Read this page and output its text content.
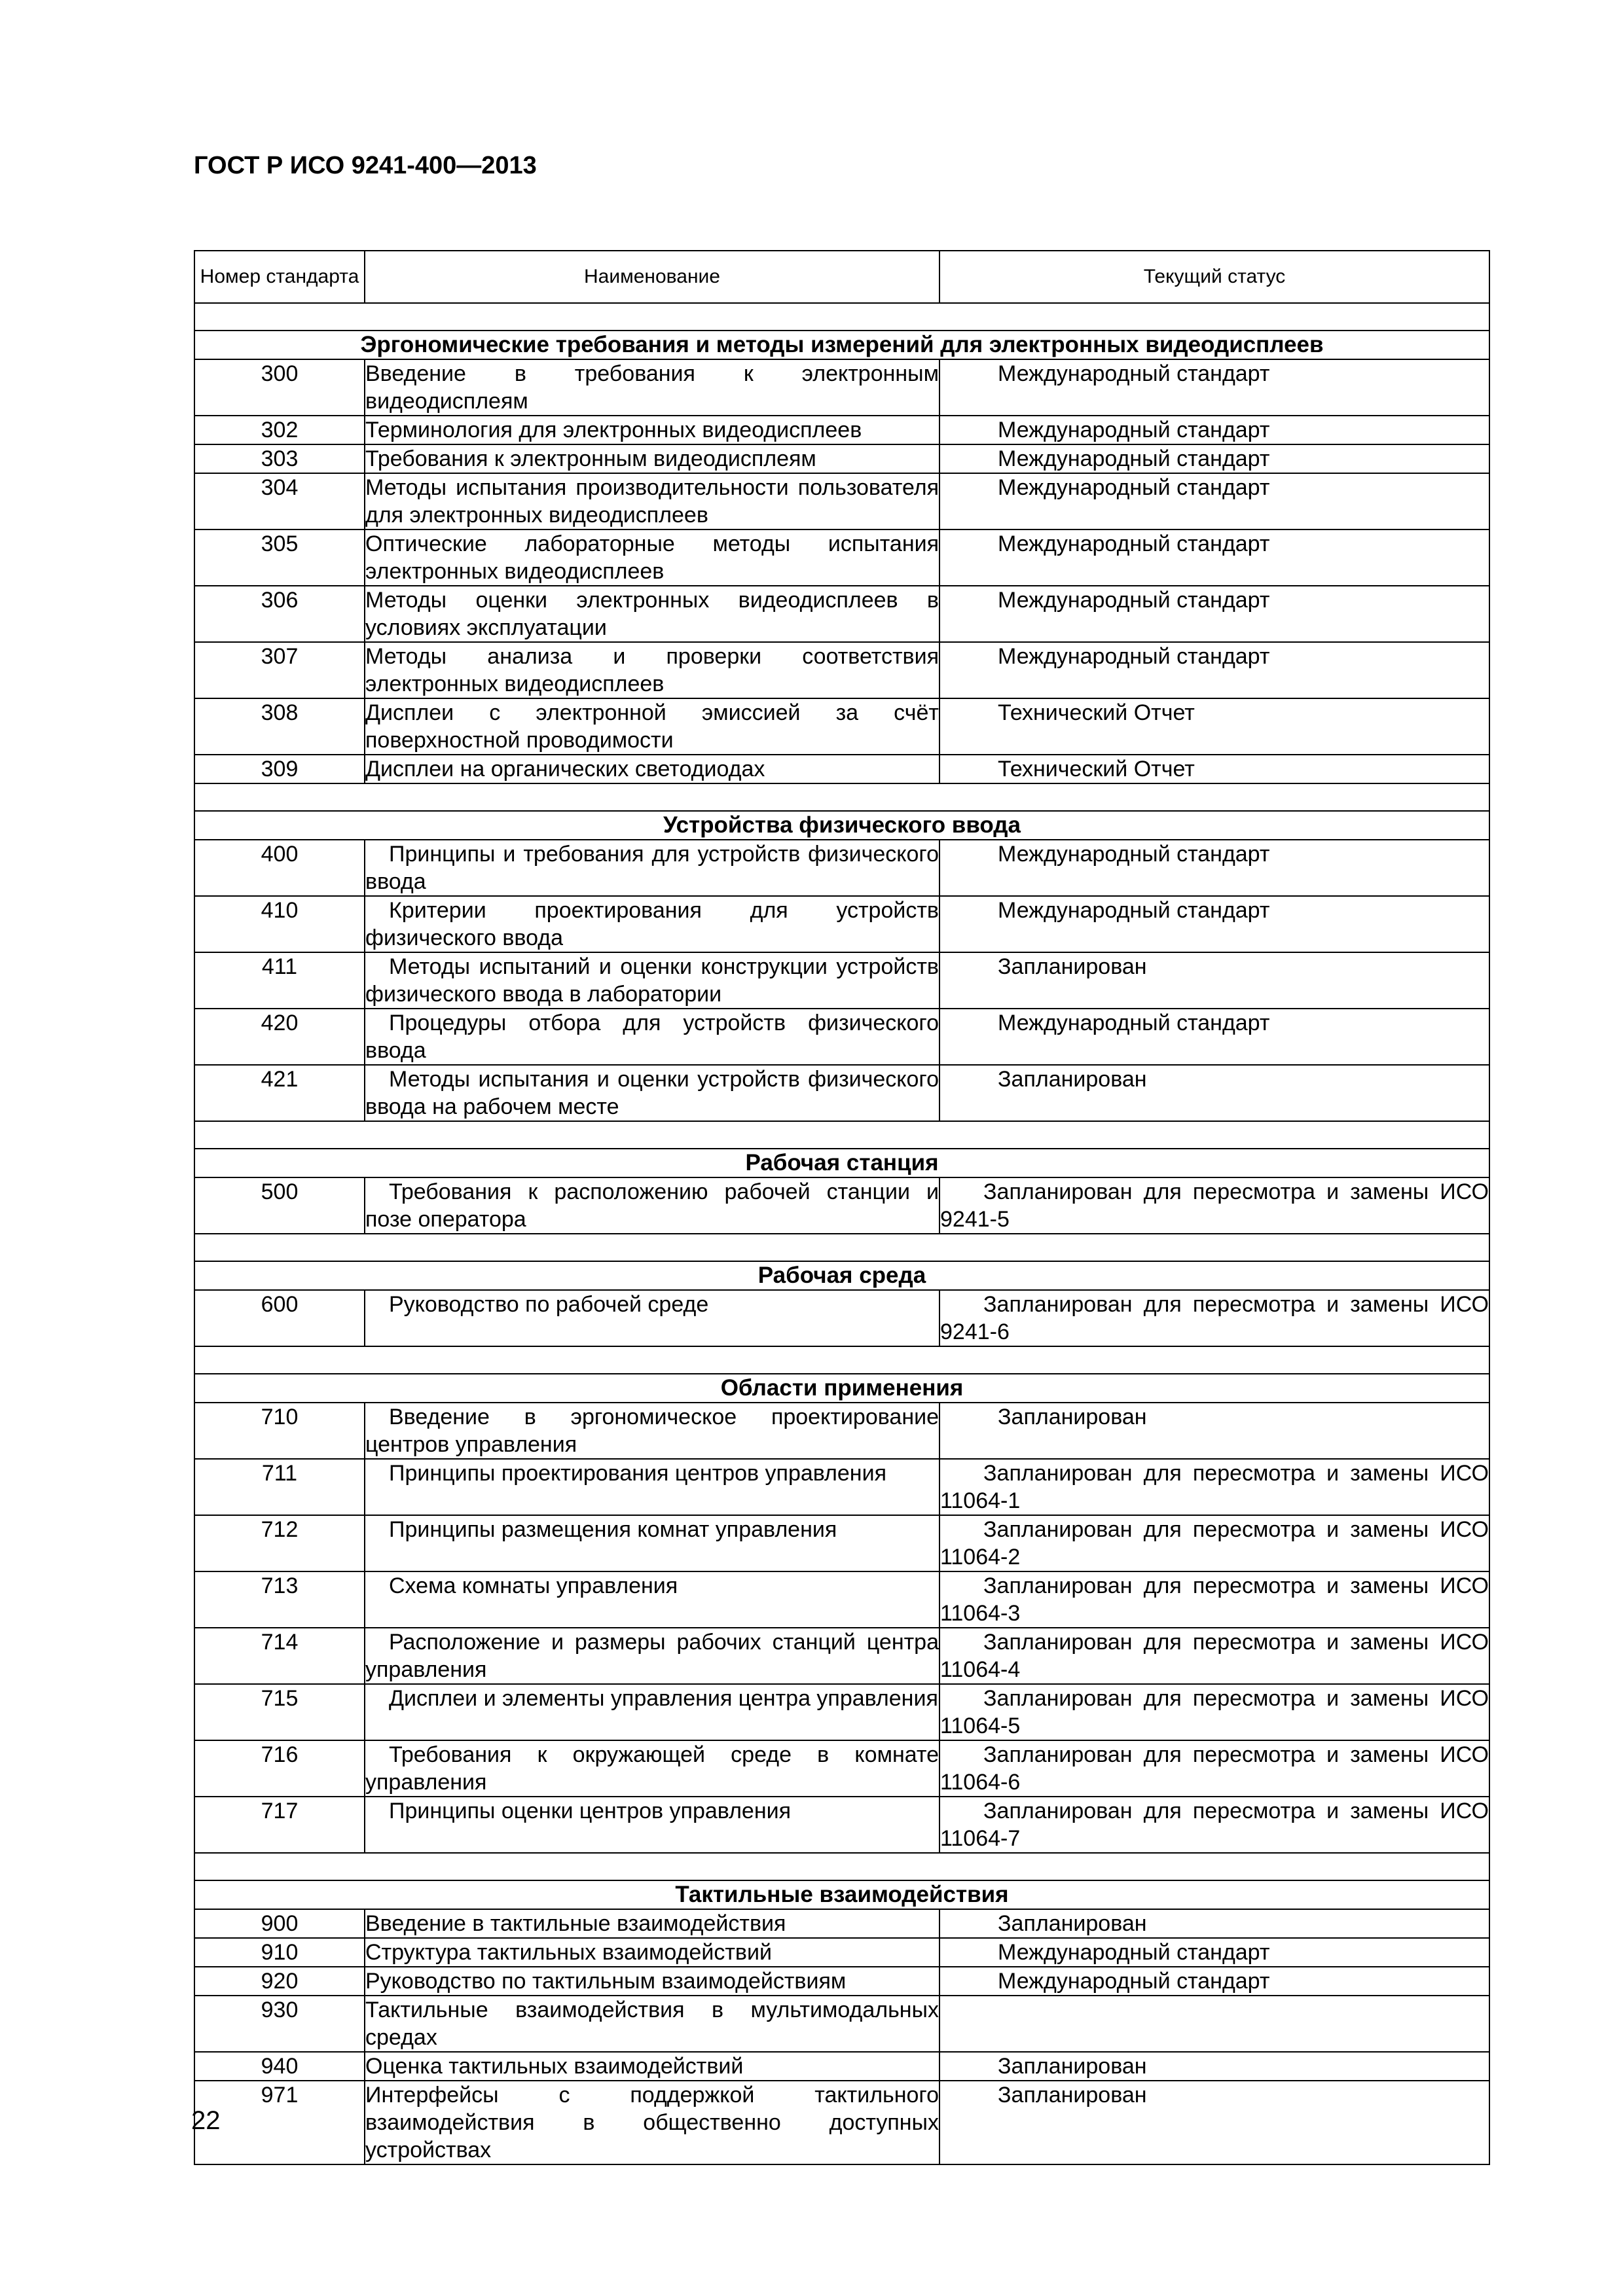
ГОСТ Р ИСО 9241-400—2013
Номер стандарта	Наименование	Текущий статус

Эргономические требования и методы измерений для электронных видеодисплеев		
300	Введение в требования к электронным видеодисплеям	Международный стандарт
302	Терминология для электронных видеодисплеев	Международный стандарт
303	Требования к электронным видеодисплеям	Международный стандарт
304	Методы испытания производительности пользователя для электронных видеодисплеев	Международный стандарт
305	Оптические лабораторные методы испытания электронных видеодисплеев	Международный стандарт
306	Методы оценки электронных видеодисплеев в условиях эксплуатации	Международный стандарт
307	Методы анализа и проверки соответствия электронных видеодисплеев	Международный стандарт
308	Дисплеи с электронной эмиссией за счёт поверхностной проводимости	Технический Отчет
309	Дисплеи на органических светодиодах	Технический Отчет

Устройства физического ввода		
400	Принципы и требования для устройств физического ввода	Международный стандарт
410	Критерии проектирования для устройств физического ввода	Международный стандарт
411	Методы испытаний и оценки конструкции устройств физического ввода в лаборатории	Запланирован
420	Процедуры отбора для устройств физического ввода	Международный стандарт
421	Методы испытания и оценки устройств физического ввода на рабочем месте	Запланирован

Рабочая станция		
500	Требования к расположению рабочей станции и позе оператора	Запланирован для пересмотра и замены ИСО 9241-5

Рабочая среда		
600	Руководство по рабочей среде	Запланирован для пересмотра и замены ИСО 9241-6

Области применения		
710	Введение в эргономическое проектирование центров управления	Запланирован
711	Принципы проектирования центров управления	Запланирован для пересмотра и замены ИСО 11064-1
712	Принципы размещения комнат управления	Запланирован для пересмотра и замены ИСО 11064-2
713	Схема комнаты управления	Запланирован для пересмотра и замены ИСО 11064-3
714	Расположение и размеры рабочих станций центра управления	Запланирован для пересмотра и замены ИСО 11064-4
715	Дисплеи и элементы управления центра управления	Запланирован для пересмотра и замены ИСО 11064-5
716	Требования к окружающей среде в комнате управления	Запланирован для пересмотра и замены ИСО 11064-6
717	Принципы оценки центров управления	Запланирован для пересмотра и замены ИСО 11064-7

Тактильные взаимодействия		
900	Введение в тактильные взаимодействия	Запланирован
910	Структура тактильных взаимодействий	Международный стандарт
920	Руководство по тактильным взаимодействиям	Международный стандарт
930	Тактильные взаимодействия в мультимодальных средах	
940	Оценка тактильных взаимодействий	Запланирован
971	Интерфейсы с поддержкой тактильного взаимодействия в общественно доступных устройствах	Запланирован
22
